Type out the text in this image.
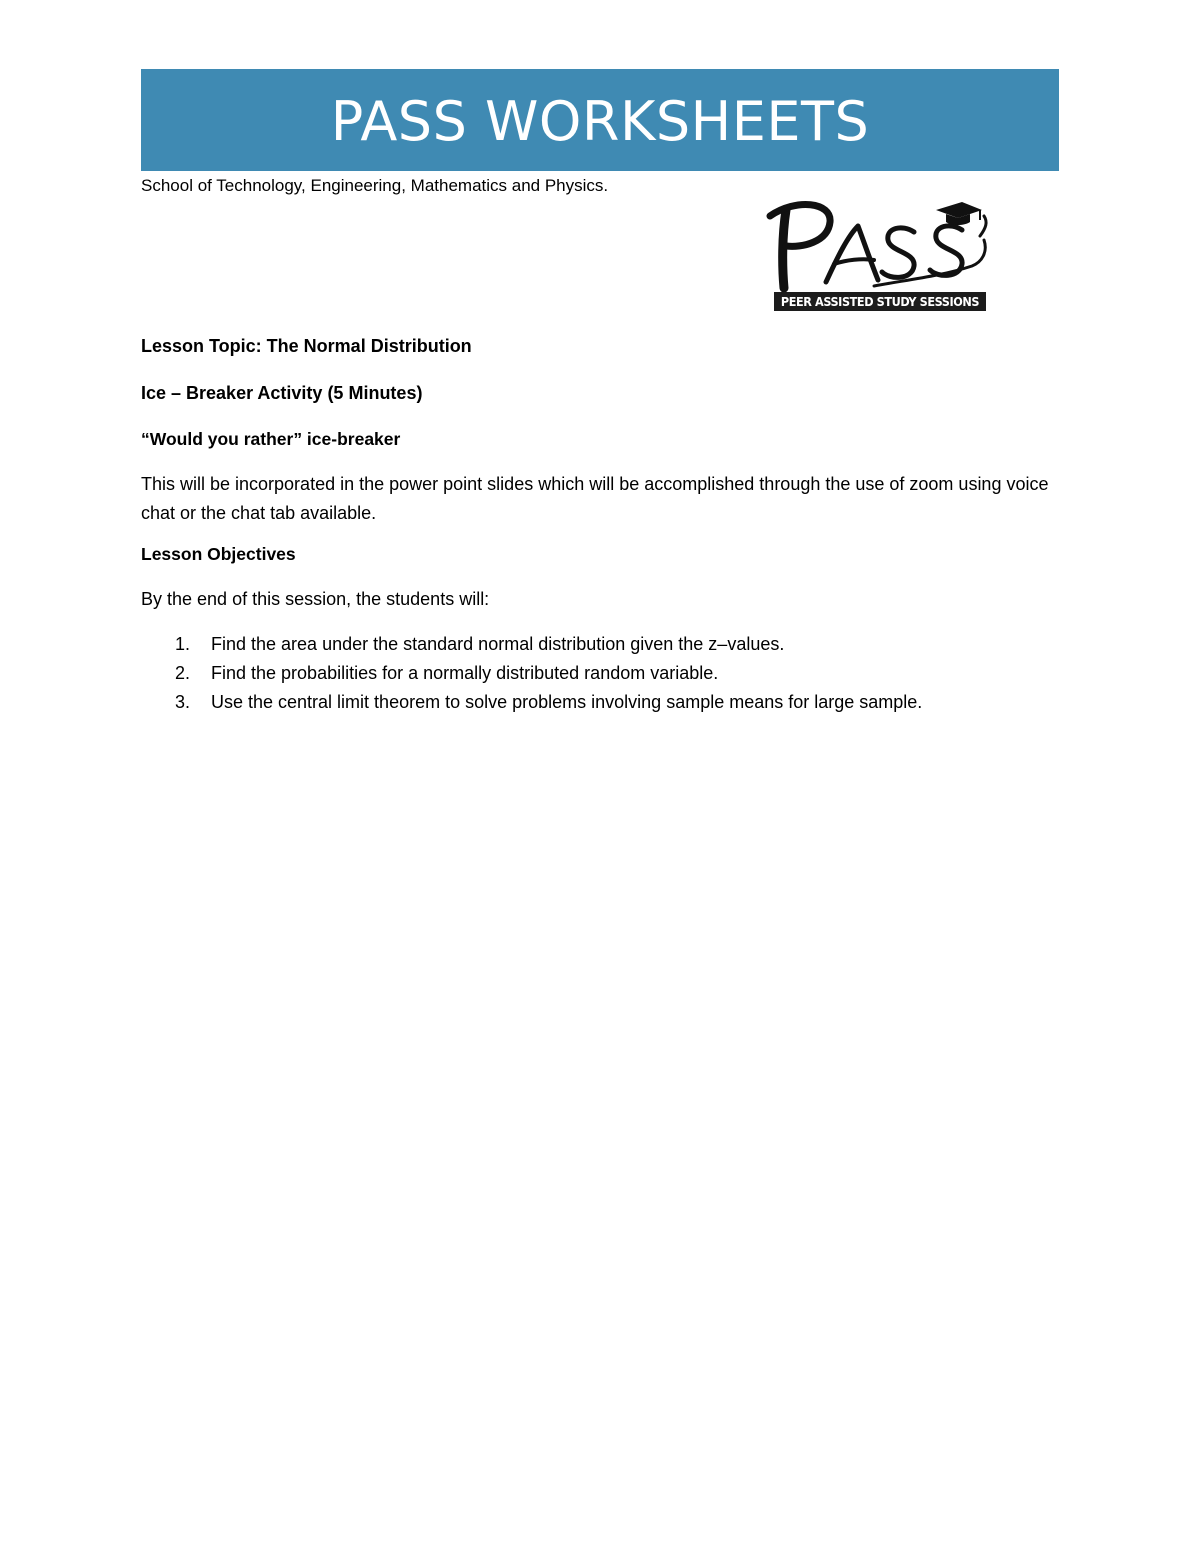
PASS WORKSHEETS
School of Technology, Engineering, Mathematics and Physics.
PEER ASSISTED STUDY SESSIONS
Lesson Topic: The Normal Distribution
Ice – Breaker Activity (5 Minutes)
“Would you rather” ice-breaker
This will be incorporated in the power point slides which will be accomplished through the use of zoom using voice chat or the chat tab available.
Lesson Objectives
By the end of this session, the students will:
1.	Find the area under the standard normal distribution given the z–values.
2.	Find the probabilities for a normally distributed random variable.
3.	Use the central limit theorem to solve problems involving sample means for large sample.
